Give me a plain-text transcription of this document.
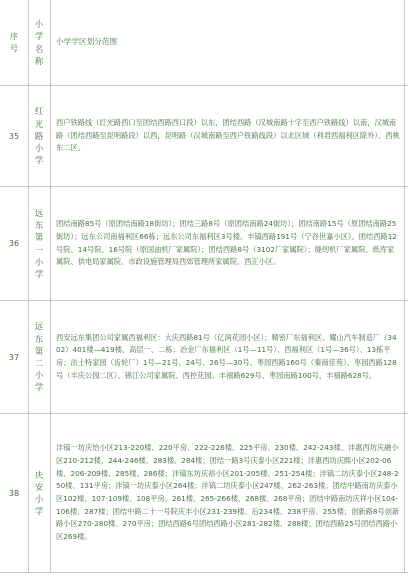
序号
小学名称
小学学区划分范围
35
红光路小学
西户铁路线（红光路西口至团结西路西口段）以东，团结西路（汉城南路十字至西户铁路线）以南，汉城南路（团结西路至昆明路段）以西，昆明路（汉城南路至西户铁路线段）以北区域（利君西福利区除外）。西桃东二区。
36
远东第一小学
团结南路85号（原团结南路18街坊）；团结三路8号（原团结南路24街坊）；团结南路15号（原团结南路25街坊）；远东公司南福利区66栋；远东公司东福利区3号楼。丰镐西路191号（宁谷世嘉小区）。团结西路12号院、14号院、16号院（原国油机厂家属院）；团结西路8号（3102厂家属院）；缝纫机厂家属院、纸库家属院、供电局家属院、市政设施管理局西郊管理所家属院、西正小区。
37
远东第二小学
西安远东集团公司家属西福利区：大庆西路81号（亿润花园小区）；精密厂东福利区、耀山汽车制造厂（3402）401楼—419楼、高层一、二栋；冶金厂东福利区（1号—11号）、西福利区（1号—36号）、13栋平房；法士特家园（齿轮厂）1号—21号、24号、26号—30号、枣园西路160号（秦商佳苑）、枣园西路128号（丰庆公园二区）、锦江公司家属院、西控花园、丰禧路629号、枣园南路100号、丰禧路628号。
38
庆安小学
沣镐一坊庆怡小区213-220楼、220平房、222-226楼、225平房、230楼、242-243楼、沣惠西坊庆融小区210-212楼、244-246楼、283楼、284楼；团结一路3号庆泰小区221楼；沣惠西坊庆熙小区202-06楼、206-209楼、285楼、286楼；沣镐东坊庆裕小区201-205楼、251-254楼；沣镐二坊庆泰小区248-250楼、131平房；沣镐一坊庆泰小区264楼；沣镐二坊庆泰小区247楼、262-263楼；团结中路南坊庆泰小区102楼、107-109楼、108平房、261楼、265-266楼、268楼、268平房；团结中路南坊庆祥小区104-106楼、287楼；团结中路二十一号院庆丰小区231-239楼、后234楼、238平房、255楼；创新路8号创新路小区270-280楼、270平房；团结西路6号团结西路小区281-282楼、288楼；团结西路25号团结西路小区269楼。
